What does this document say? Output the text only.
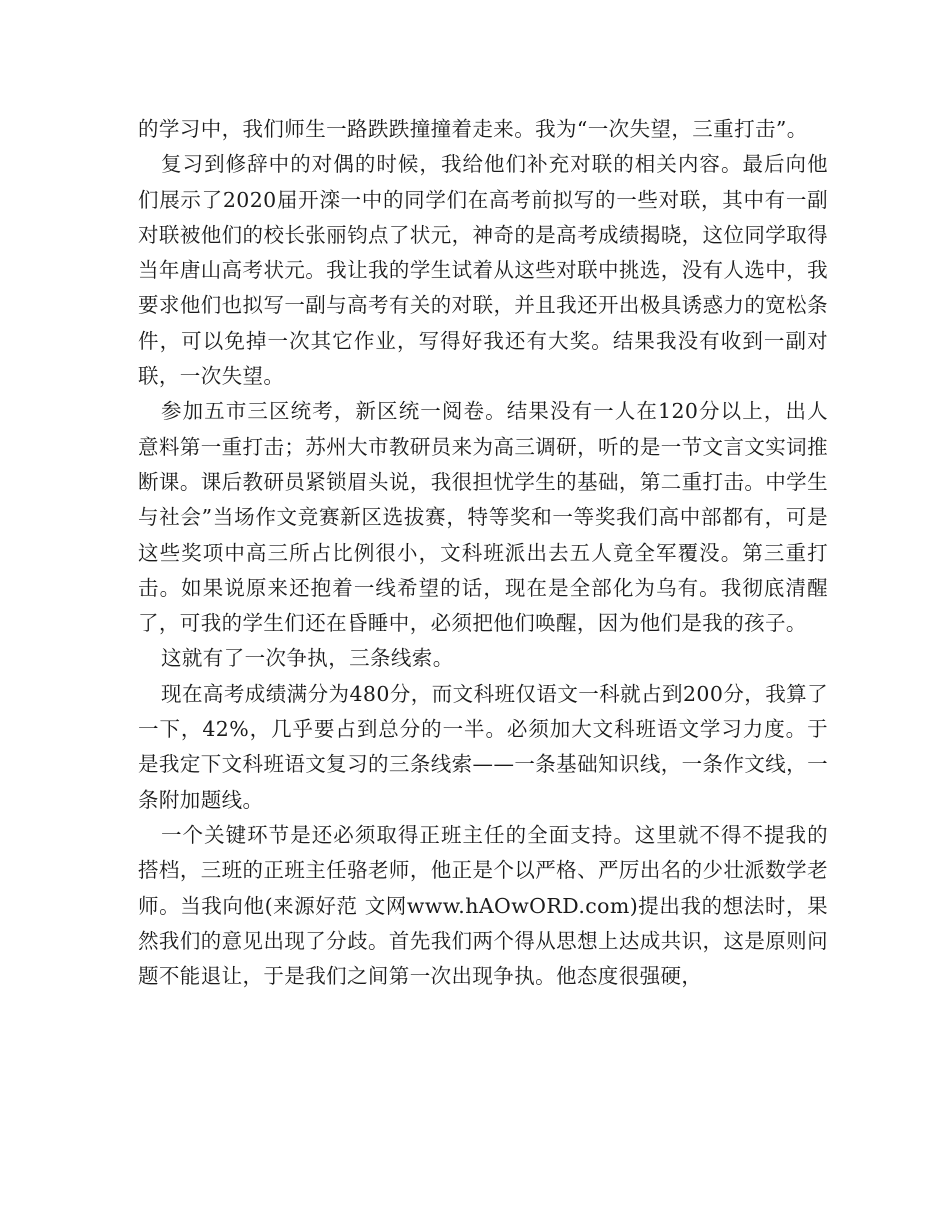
的学习中，我们师生一路跌跌撞撞着走来。我为“一次失望，三重打击”。

复习到修辞中的对偶的时候，我给他们补充对联的相关内容。最后向他们展示了2020届开滦一中的同学们在高考前拟写的一些对联，其中有一副对联被他们的校长张丽钧点了状元，神奇的是高考成绩揭晓，这位同学取得当年唐山高考状元。我让我的学生试着从这些对联中挑选，没有人选中，我要求他们也拟写一副与高考有关的对联，并且我还开出极具诱惑力的宽松条件，可以免掉一次其它作业，写得好我还有大奖。结果我没有收到一副对联，一次失望。

参加五市三区统考，新区统一阅卷。结果没有一人在120分以上，出人意料第一重打击；苏州大市教研员来为高三调研，听的是一节文言文实词推断课。课后教研员紧锁眉头说，我很担忧学生的基础，第二重打击。中学生与社会”当场作文竞赛新区选拔赛，特等奖和一等奖我们高中部都有，可是这些奖项中高三所占比例很小，文科班派出去五人竟全军覆没。第三重打击。如果说原来还抱着一线希望的话，现在是全部化为乌有。我彻底清醒了，可我的学生们还在昏睡中，必须把他们唤醒，因为他们是我的孩子。

这就有了一次争执，三条线索。

现在高考成绩满分为480分，而文科班仅语文一科就占到200分，我算了一下，42%，几乎要占到总分的一半。必须加大文科班语文学习力度。于是我定下文科班语文复习的三条线索——一条基础知识线，一条作文线，一条附加题线。

一个关键环节是还必须取得正班主任的全面支持。这里就不得不提我的搭档，三班的正班主任骆老师，他正是个以严格、严厉出名的少壮派数学老师。当我向他(来源好范 文网www.hAOwORD.com)提出我的想法时，果然我们的意见出现了分歧。首先我们两个得从思想上达成共识，这是原则问题不能退让，于是我们之间第一次出现争执。他态度很强硬，
